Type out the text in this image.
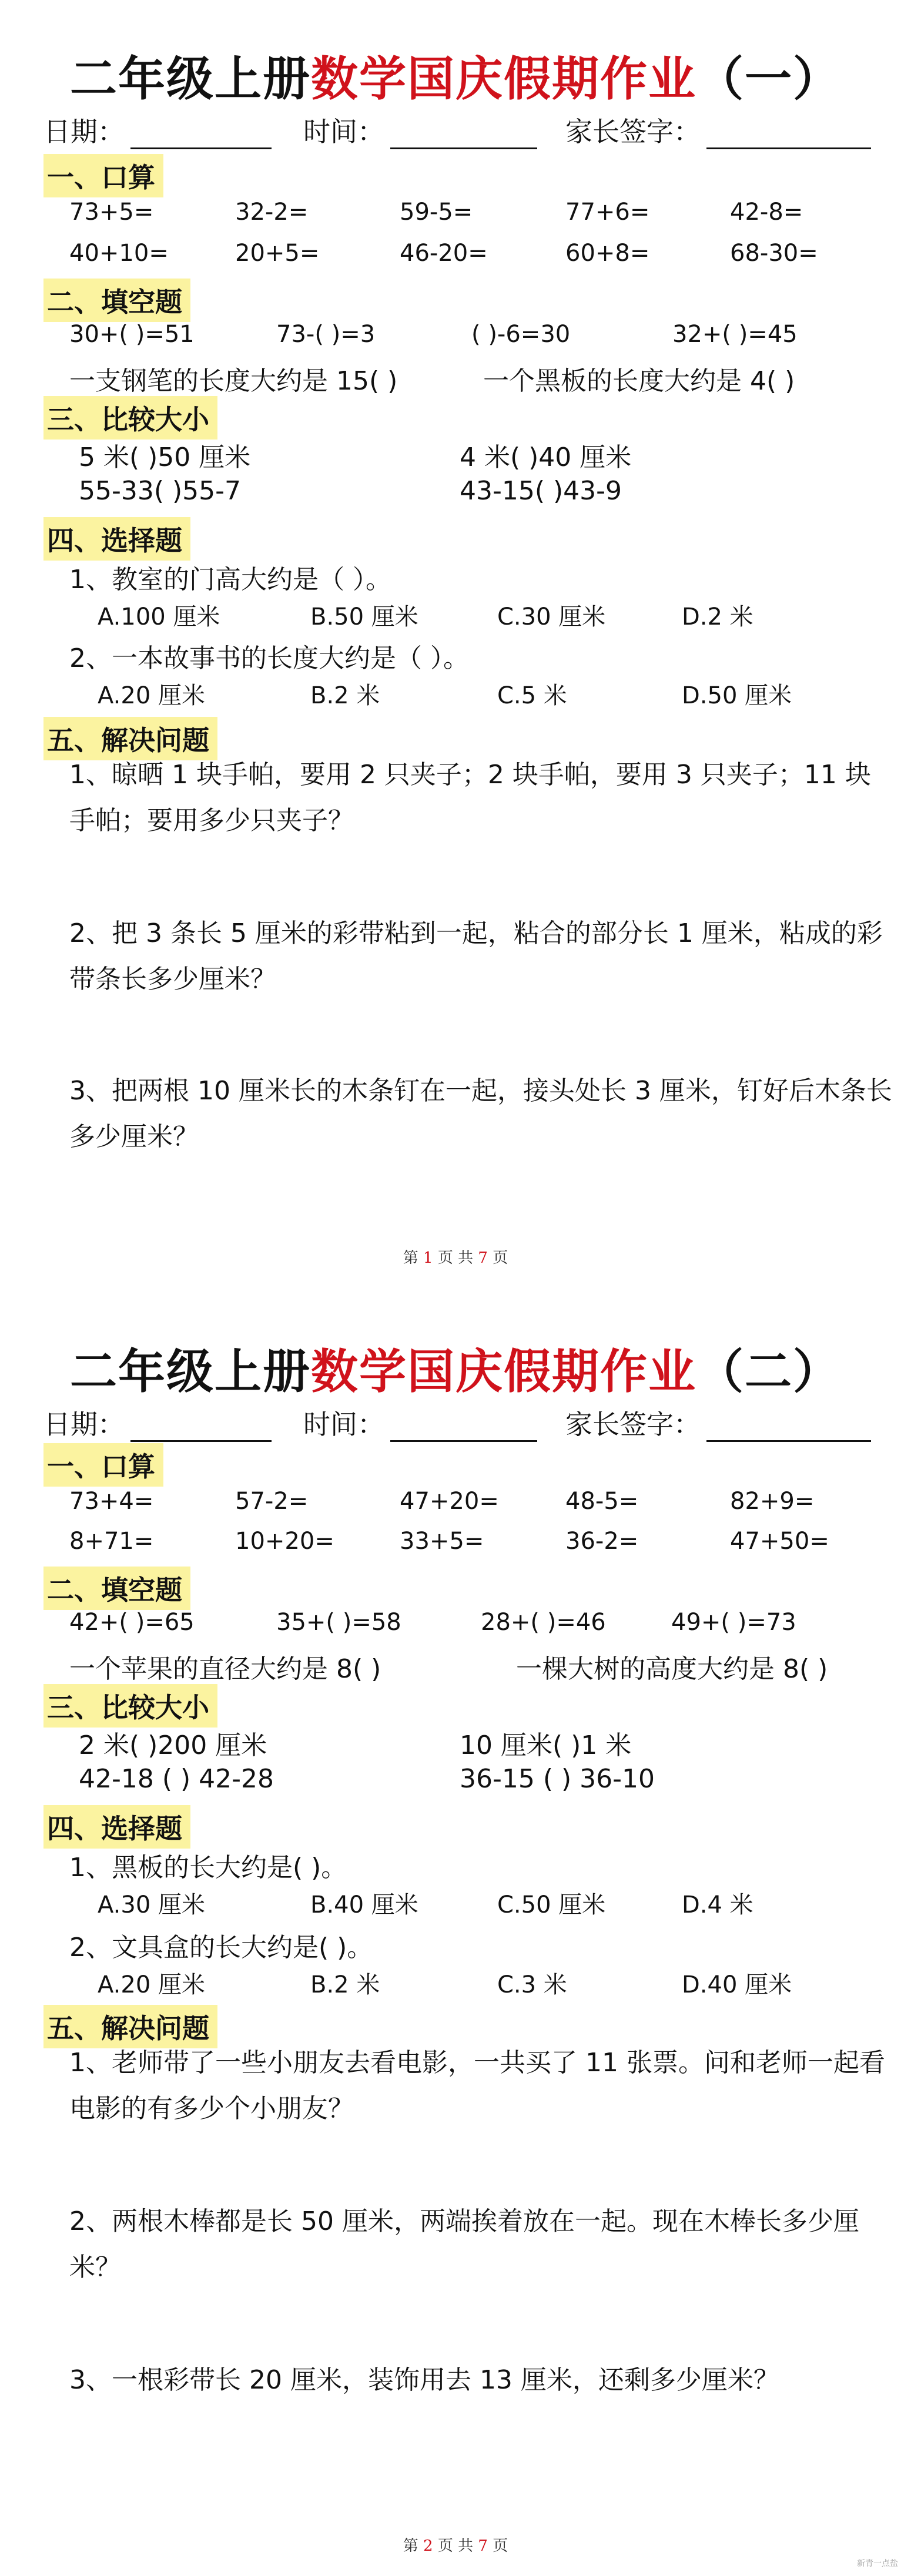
二年级上册数学国庆假期作业（一）
日期：	时间：	家长签字：
一、口算
73+5=	32-2=	59-5=	77+6=	42-8=
40+10=	20+5=	46-20=	60+8=	68-30=
二、填空题
30+( )=51	73-( )=3	( )-6=30	32+( )=45
一支钢笔的长度大约是 15( )	一个黑板的长度大约是 4( )
三、比较大小
5 米( )50 厘米	4 米( )40 厘米
55-33( )55-7	43-15( )43-9
四、选择题
1、教室的门高大约是（ ）。
A.100 厘米	B.50 厘米	C.30 厘米	D.2 米
2、一本故事书的长度大约是（ ）。
A.20 厘米	B.2 米	C.5 米	D.50 厘米
五、解决问题
1、晾晒 1 块手帕，要用 2 只夹子；2 块手帕，要用 3 只夹子；11 块手帕；要用多少只夹子？
2、把 3 条长 5 厘米的彩带粘到一起，粘合的部分长 1 厘米，粘成的彩带条长多少厘米？
3、把两根 10 厘米长的木条钉在一起，接头处长 3 厘米，钉好后木条长多少厘米？
第 1 页 共 7 页
二年级上册数学国庆假期作业（二）
日期：	时间：	家长签字：
一、口算
73+4=	57-2=	47+20=	48-5=	82+9=
8+71=	10+20=	33+5=	36-2=	47+50=
二、填空题
42+( )=65	35+( )=58	28+( )=46	49+( )=73
一个苹果的直径大约是 8( )	一棵大树的高度大约是 8( )
三、比较大小
2 米( )200 厘米	10 厘米( )1 米
42-18 ( ) 42-28	36-15 ( ) 36-10
四、选择题
1、黑板的长大约是( )。
A.30 厘米	B.40 厘米	C.50 厘米	D.4 米
2、文具盒的长大约是( )。
A.20 厘米	B.2 米	C.3 米	D.40 厘米
五、解决问题
1、老师带了一些小朋友去看电影，一共买了 11 张票。问和老师一起看电影的有多少个小朋友？
2、两根木棒都是长 50 厘米，两端挨着放在一起。现在木棒长多少厘米？
3、一根彩带长 20 厘米，装饰用去 13 厘米，还剩多少厘米？
第 2 页 共 7 页
新青一点盐
